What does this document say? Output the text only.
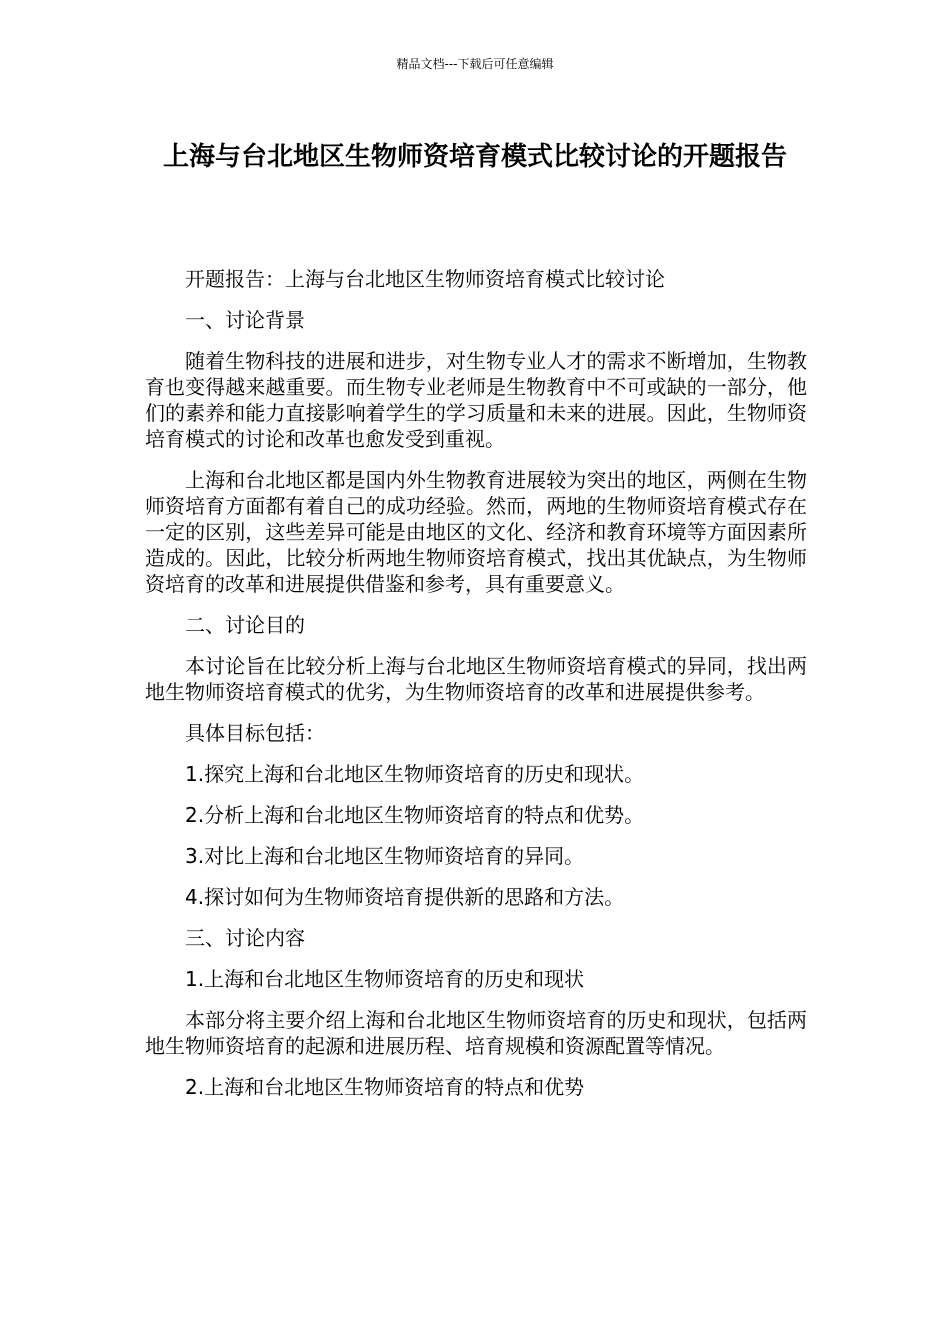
精品文档---下载后可任意编辑
上海与台北地区生物师资培育模式比较讨论的开题报告

开题报告：上海与台北地区生物师资培育模式比较讨论

一、讨论背景

随着生物科技的进展和进步，对生物专业人才的需求不断增加，生物教育也变得越来越重要。而生物专业老师是生物教育中不可或缺的一部分，他们的素养和能力直接影响着学生的学习质量和未来的进展。因此，生物师资培育模式的讨论和改革也愈发受到重视。

上海和台北地区都是国内外生物教育进展较为突出的地区，两侧在生物师资培育方面都有着自己的成功经验。然而，两地的生物师资培育模式存在一定的区别，这些差异可能是由地区的文化、经济和教育环境等方面因素所造成的。因此，比较分析两地生物师资培育模式，找出其优缺点，为生物师资培育的改革和进展提供借鉴和参考，具有重要意义。

二、讨论目的

本讨论旨在比较分析上海与台北地区生物师资培育模式的异同，找出两地生物师资培育模式的优劣，为生物师资培育的改革和进展提供参考。

具体目标包括：

1.探究上海和台北地区生物师资培育的历史和现状。

2.分析上海和台北地区生物师资培育的特点和优势。

3.对比上海和台北地区生物师资培育的异同。

4.探讨如何为生物师资培育提供新的思路和方法。

三、讨论内容

1.上海和台北地区生物师资培育的历史和现状

本部分将主要介绍上海和台北地区生物师资培育的历史和现状，包括两地生物师资培育的起源和进展历程、培育规模和资源配置等情况。

2.上海和台北地区生物师资培育的特点和优势
